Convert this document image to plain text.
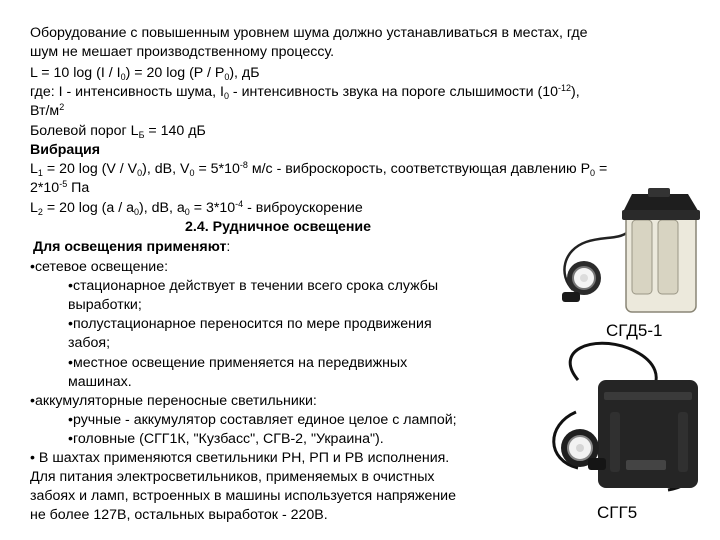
Оборудование с повышенным уровнем шума должно устанавливаться в местах, где
шум не мешает производственному процессу.
L = 10 $\log (I / I_0) = 20$ $\log (P / P_0)$, дБ
где: I - интенсивность шума, $I_0$ - интенсивность звука на пороге слышимости $(10^{-12})$,
$Вт/м^2$
Болевой порог $L_Б = 140$ дБ
Вибрация
$L_1 = 20$ $\log (V / V_0)$, dB, $V_0 = 5*10^{-8}$ м/с - виброскорость, соответствующая давлению $P_0$ =
$2*10^{-5}$ Па
$L_2 = 20$ $\log (a / a_0)$, dB, $a_0 = 3*10^{-4}$ - виброускорение
2.4. Рудничное освещение
Для освещения применяют:
•сетевое освещение:
•стационарное действует в течении всего срока службы
выработки;
•полустационарное переносится по мере продвижения
забоя;
•местное освещение применяется на передвижных
машинах.
•аккумуляторные переносные светильники:
•ручные - аккумулятор составляет единое целое с лампой;
•головные (СГГ1К, "Кузбасс", СГВ-2, "Украина").
• В шахтах применяются светильники РН, РП и РВ исполнения.
Для питания электросветильников, применяемых в очистных
забоях и ламп, встроенных в машины используется напряжение
не более 127В, остальных выработок - 220В.
СГД5-1
СГГ5
